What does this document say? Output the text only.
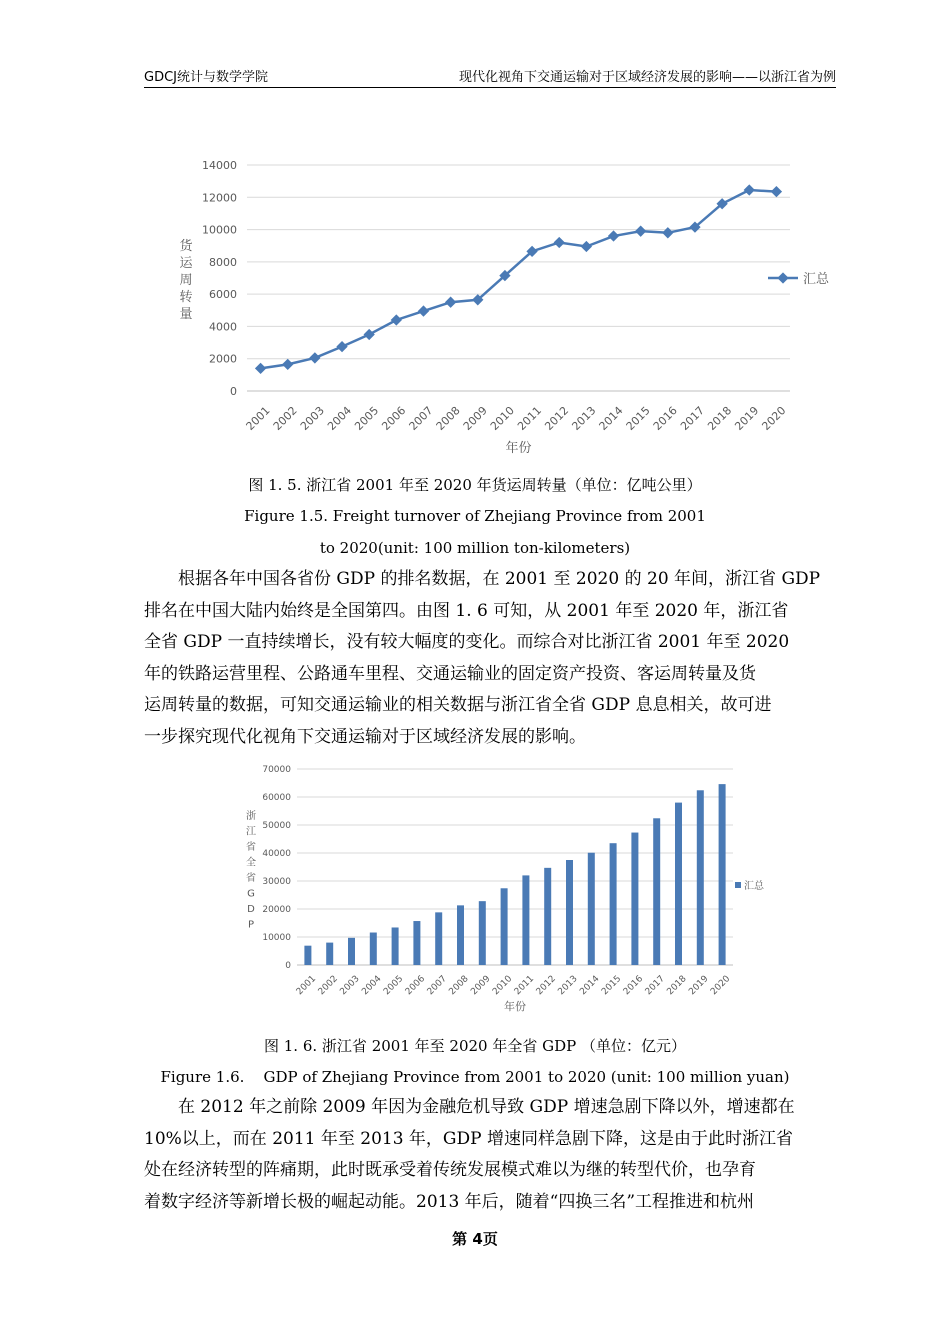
GDCJ统计与数学学院	现代化视角下交通运输对于区域经济发展的影响——以浙江省为例
14000
12000
10000
8000
6000
4000
2000
0
2001
2002
2003
2004
2005
2006
2007
2008
2009
2010
2011
2012
2013
2014
2015
2016
2017
2018
2019
2020
货
运
周
转
量
年份
汇总
图 1. 5. 浙江省 2001 年至 2020 年货运周转量（单位：亿吨公里）
Figure 1.5. Freight turnover of Zhejiang Province from 2001
to 2020(unit: 100 million ton-kilometers)
根据各年中国各省份 GDP 的排名数据，在 2001 至 2020 的 20 年间，浙江省 GDP
排名在中国大陆内始终是全国第四。由图 1. 6 可知，从 2001 年至 2020 年，浙江省
全省 GDP 一直持续增长，没有较大幅度的变化。而综合对比浙江省 2001 年至 2020
年的铁路运营里程、公路通车里程、交通运输业的固定资产投资、客运周转量及货
运周转量的数据，可知交通运输业的相关数据与浙江省全省 GDP 息息相关，故可进
一步探究现代化视角下交通运输对于区域经济发展的影响。
70000
60000
50000
40000
30000
20000
10000
0
2001
2002
2003
2004
2005
2006
2007
2008
2009
2010
2011
2012
2013
2014
2015
2016
2017
2018
2019
2020
浙
江
省
全
省
G
D
P
年份
汇总
图 1. 6. 浙江省 2001 年至 2020 年全省 GDP （单位：亿元）
Figure 1.6.    GDP of Zhejiang Province from 2001 to 2020 (unit: 100 million yuan)
在 2012 年之前除 2009 年因为金融危机导致 GDP 增速急剧下降以外，增速都在
10%以上，而在 2011 年至 2013 年，GDP 增速同样急剧下降，这是由于此时浙江省
处在经济转型的阵痛期，此时既承受着传统发展模式难以为继的转型代价，也孕育
着数字经济等新增长极的崛起动能。2013 年后，随着“四换三名”工程推进和杭州
第 4页
